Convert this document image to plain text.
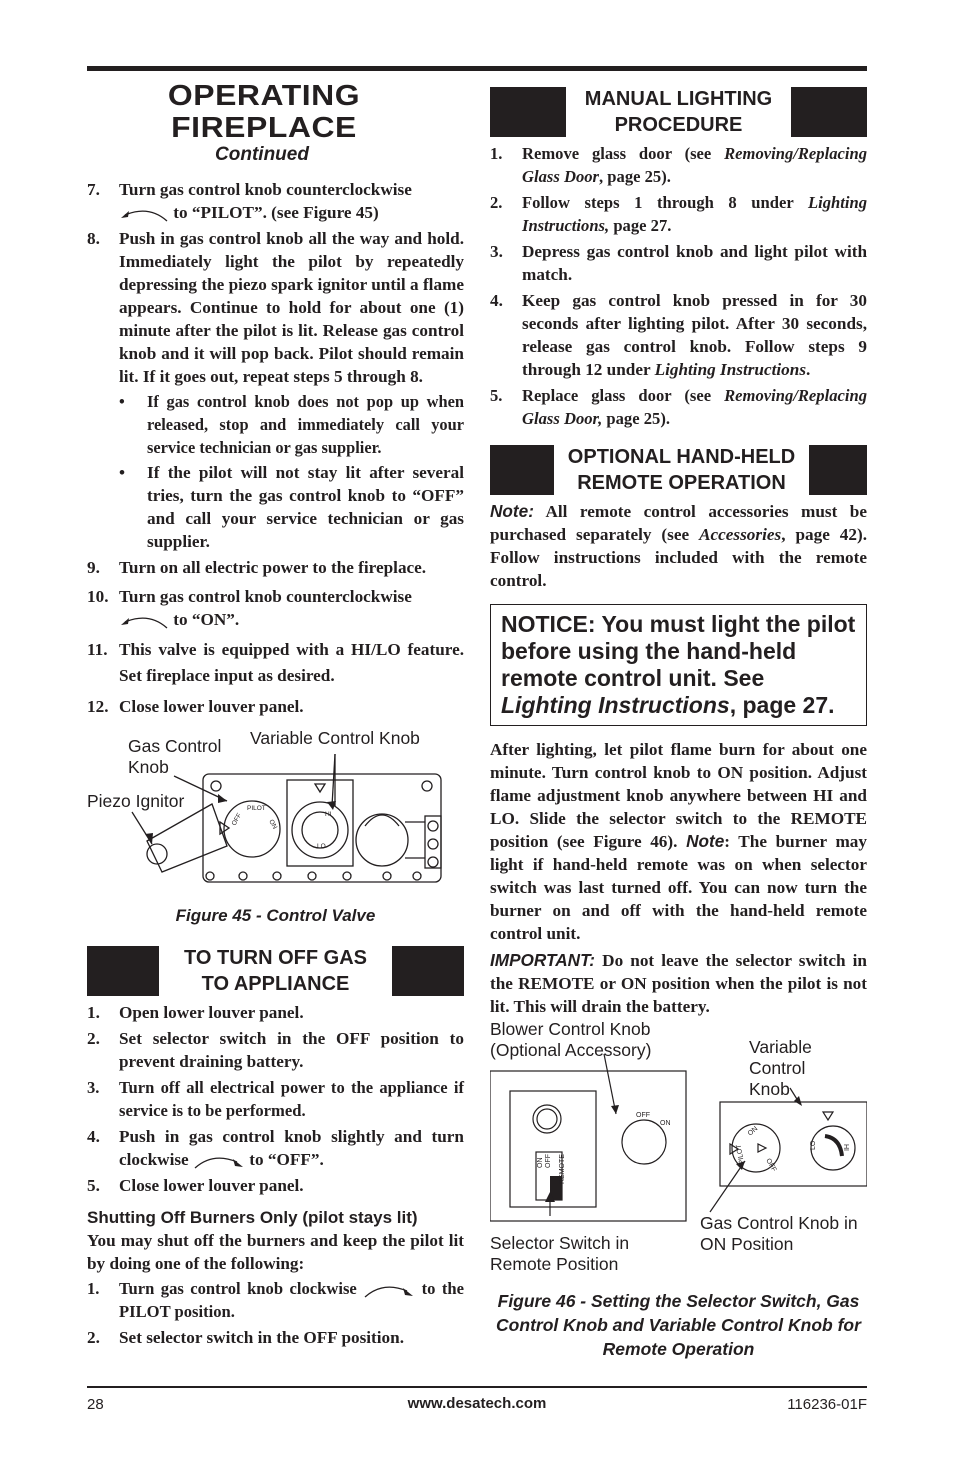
OPERATING FIREPLACE
Continued
7. Turn gas control knob counterclockwise
to “PILOT”. (see Figure 45)
8. Push in gas control knob all the way and hold. Immediately light the pilot by repeatedly depressing the piezo spark ignitor until a flame appears. Continue to hold for about one (1) minute after the pilot is lit. Release gas control knob and it will pop back. Pilot should remain lit. If it goes out, repeat steps 5 through 8.
• If gas control knob does not pop up when released, stop and immediately call your service technician or gas supplier.
• If the pilot will not stay lit after several tries, turn the gas control knob to “OFF” and call your service technician or gas supplier.
9. Turn on all electric power to the fireplace.
10. Turn gas control knob counterclockwise
to “ON”.
11. This valve is equipped with a HI/LO feature. Set fireplace input as desired.
12. Close lower louver panel.
Gas Control Knob
Variable Control Knob
Piezo Ignitor
OFF
PILOT
ON
HI
LO
Figure 45 - Control Valve
TO TURN OFF GAS
TO APPLIANCE
1. Open lower louver panel.
2. Set selector switch in the OFF position to prevent draining battery.
3. Turn off all electrical power to the appliance if service is to be performed.
4. Push in gas control knob slightly and turn clockwise	to “OFF”.
5. Close lower louver panel.
Shutting Off Burners Only (pilot stays lit)

You may shut off the burners and keep the pilot lit by doing one of the following:

1. Turn gas control knob clockwise	to the PILOT position.
2. Set selector switch in the OFF position.
MANUAL LIGHTING
PROCEDURE
1. Remove glass door (see Removing/Replacing Glass Door, page 25).
2. Follow steps 1 through 8 under Lighting Instructions, page 27.
3. Depress gas control knob and light pilot with match.
4. Keep gas control knob pressed in for 30 seconds after lighting pilot. After 30 seconds, release gas control knob. Follow steps 9 through 12 under Lighting Instructions.
5. Replace glass door (see Removing/Replacing Glass Door, page 25).
OPTIONAL HAND-HELD
REMOTE OPERATION

Note: All remote control accessories must be purchased separately (see Accessories, page 42). Follow instructions included with the remote control.

NOTICE: You must light the pilot before using the hand-held remote control unit. See Lighting Instructions, page 27.

After lighting, let pilot flame burn for about one minute. Turn control knob to ON position. Adjust flame adjustment knob anywhere between HI and LO. Slide the selector switch to the REMOTE position (see Figure 46). Note: The burner may light if hand-held remote was on when selector switch was last turned off. You can now turn the burner on and off with the hand-held remote control unit.

IMPORTANT: Do not leave the selector switch in the REMOTE or ON position when the pilot is not lit. This will drain the battery.

Blower Control Knob (Optional Accessory)	Variable Control Knob
Selector Switch in Remote Position
Gas Control Knob in ON Position
ON OFF REMOTE
OFF
ON
ON
PILOT
OFF
LO	HI
Figure 46 - Setting the Selector Switch, Gas Control Knob and Variable Control Knob for Remote Operation
28	www.desatech.com	116236-01F
